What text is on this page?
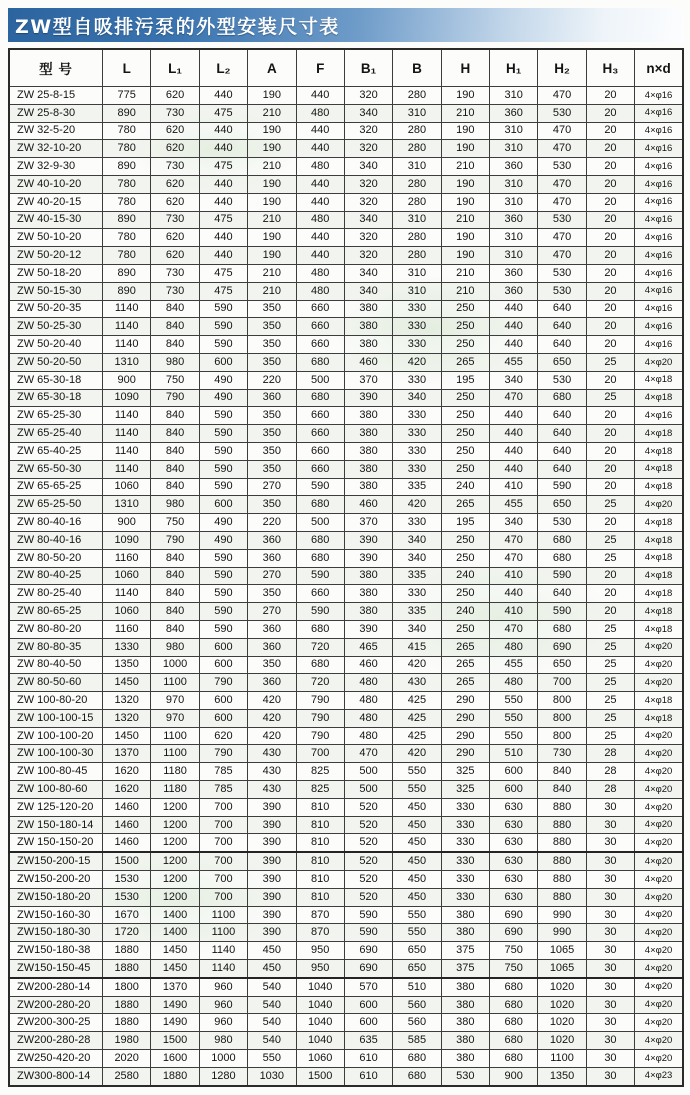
ZW型自吸排污泵的外型安装尺寸表
型 号	L	L₁	L₂	A	F	B₁	B	H	H₁	H₂	H₃	n×d
ZW 25-8-15	775	620	440	190	440	320	280	190	310	470	20	4×φ16
ZW 25-8-30	890	730	475	210	480	340	310	210	360	530	20	4×φ16
ZW 32-5-20	780	620	440	190	440	320	280	190	310	470	20	4×φ16
ZW 32-10-20	780	620	440	190	440	320	280	190	310	470	20	4×φ16
ZW 32-9-30	890	730	475	210	480	340	310	210	360	530	20	4×φ16
ZW 40-10-20	780	620	440	190	440	320	280	190	310	470	20	4×φ16
ZW 40-20-15	780	620	440	190	440	320	280	190	310	470	20	4×φ16
ZW 40-15-30	890	730	475	210	480	340	310	210	360	530	20	4×φ16
ZW 50-10-20	780	620	440	190	440	320	280	190	310	470	20	4×φ16
ZW 50-20-12	780	620	440	190	440	320	280	190	310	470	20	4×φ16
ZW 50-18-20	890	730	475	210	480	340	310	210	360	530	20	4×φ16
ZW 50-15-30	890	730	475	210	480	340	310	210	360	530	20	4×φ16
ZW 50-20-35	1140	840	590	350	660	380	330	250	440	640	20	4×φ16
ZW 50-25-30	1140	840	590	350	660	380	330	250	440	640	20	4×φ16
ZW 50-20-40	1140	840	590	350	660	380	330	250	440	640	20	4×φ16
ZW 50-20-50	1310	980	600	350	680	460	420	265	455	650	25	4×φ20
ZW 65-30-18	900	750	490	220	500	370	330	195	340	530	20	4×φ18
ZW 65-30-18	1090	790	490	360	680	390	340	250	470	680	25	4×φ18
ZW 65-25-30	1140	840	590	350	660	380	330	250	440	640	20	4×φ16
ZW 65-25-40	1140	840	590	350	660	380	330	250	440	640	20	4×φ18
ZW 65-40-25	1140	840	590	350	660	380	330	250	440	640	20	4×φ18
ZW 65-50-30	1140	840	590	350	660	380	330	250	440	640	20	4×φ18
ZW 65-65-25	1060	840	590	270	590	380	335	240	410	590	20	4×φ18
ZW 65-25-50	1310	980	600	350	680	460	420	265	455	650	25	4×φ20
ZW 80-40-16	900	750	490	220	500	370	330	195	340	530	20	4×φ18
ZW 80-40-16	1090	790	490	360	680	390	340	250	470	680	25	4×φ18
ZW 80-50-20	1160	840	590	360	680	390	340	250	470	680	25	4×φ18
ZW 80-40-25	1060	840	590	270	590	380	335	240	410	590	20	4×φ18
ZW 80-25-40	1140	840	590	350	660	380	330	250	440	640	20	4×φ18
ZW 80-65-25	1060	840	590	270	590	380	335	240	410	590	20	4×φ18
ZW 80-80-20	1160	840	590	360	680	390	340	250	470	680	25	4×φ18
ZW 80-80-35	1330	980	600	360	720	465	415	265	480	690	25	4×φ20
ZW 80-40-50	1350	1000	600	350	680	460	420	265	455	650	25	4×φ20
ZW 80-50-60	1450	1100	790	360	720	480	430	265	480	700	25	4×φ20
ZW 100-80-20	1320	970	600	420	790	480	425	290	550	800	25	4×φ18
ZW 100-100-15	1320	970	600	420	790	480	425	290	550	800	25	4×φ18
ZW 100-100-20	1450	1100	620	420	790	480	425	290	550	800	25	4×φ20
ZW 100-100-30	1370	1100	790	430	700	470	420	290	510	730	28	4×φ20
ZW 100-80-45	1620	1180	785	430	825	500	550	325	600	840	28	4×φ20
ZW 100-80-60	1620	1180	785	430	825	500	550	325	600	840	28	4×φ20
ZW 125-120-20	1460	1200	700	390	810	520	450	330	630	880	30	4×φ20
ZW 150-180-14	1460	1200	700	390	810	520	450	330	630	880	30	4×φ20
ZW 150-150-20	1460	1200	700	390	810	520	450	330	630	880	30	4×φ20
ZW150-200-15	1500	1200	700	390	810	520	450	330	630	880	30	4×φ20
ZW150-200-20	1530	1200	700	390	810	520	450	330	630	880	30	4×φ20
ZW150-180-20	1530	1200	700	390	810	520	450	330	630	880	30	4×φ20
ZW150-160-30	1670	1400	1100	390	870	590	550	380	690	990	30	4×φ20
ZW150-180-30	1720	1400	1100	390	870	590	550	380	690	990	30	4×φ20
ZW150-180-38	1880	1450	1140	450	950	690	650	375	750	1065	30	4×φ20
ZW150-150-45	1880	1450	1140	450	950	690	650	375	750	1065	30	4×φ20
ZW200-280-14	1800	1370	960	540	1040	570	510	380	680	1020	30	4×φ20
ZW200-280-20	1880	1490	960	540	1040	600	560	380	680	1020	30	4×φ20
ZW200-300-25	1880	1490	960	540	1040	600	560	380	680	1020	30	4×φ20
ZW200-280-28	1980	1500	980	540	1040	635	585	380	680	1020	30	4×φ20
ZW250-420-20	2020	1600	1000	550	1060	610	680	380	680	1100	30	4×φ20
ZW300-800-14	2580	1880	1280	1030	1500	610	680	530	900	1350	30	4×φ23
